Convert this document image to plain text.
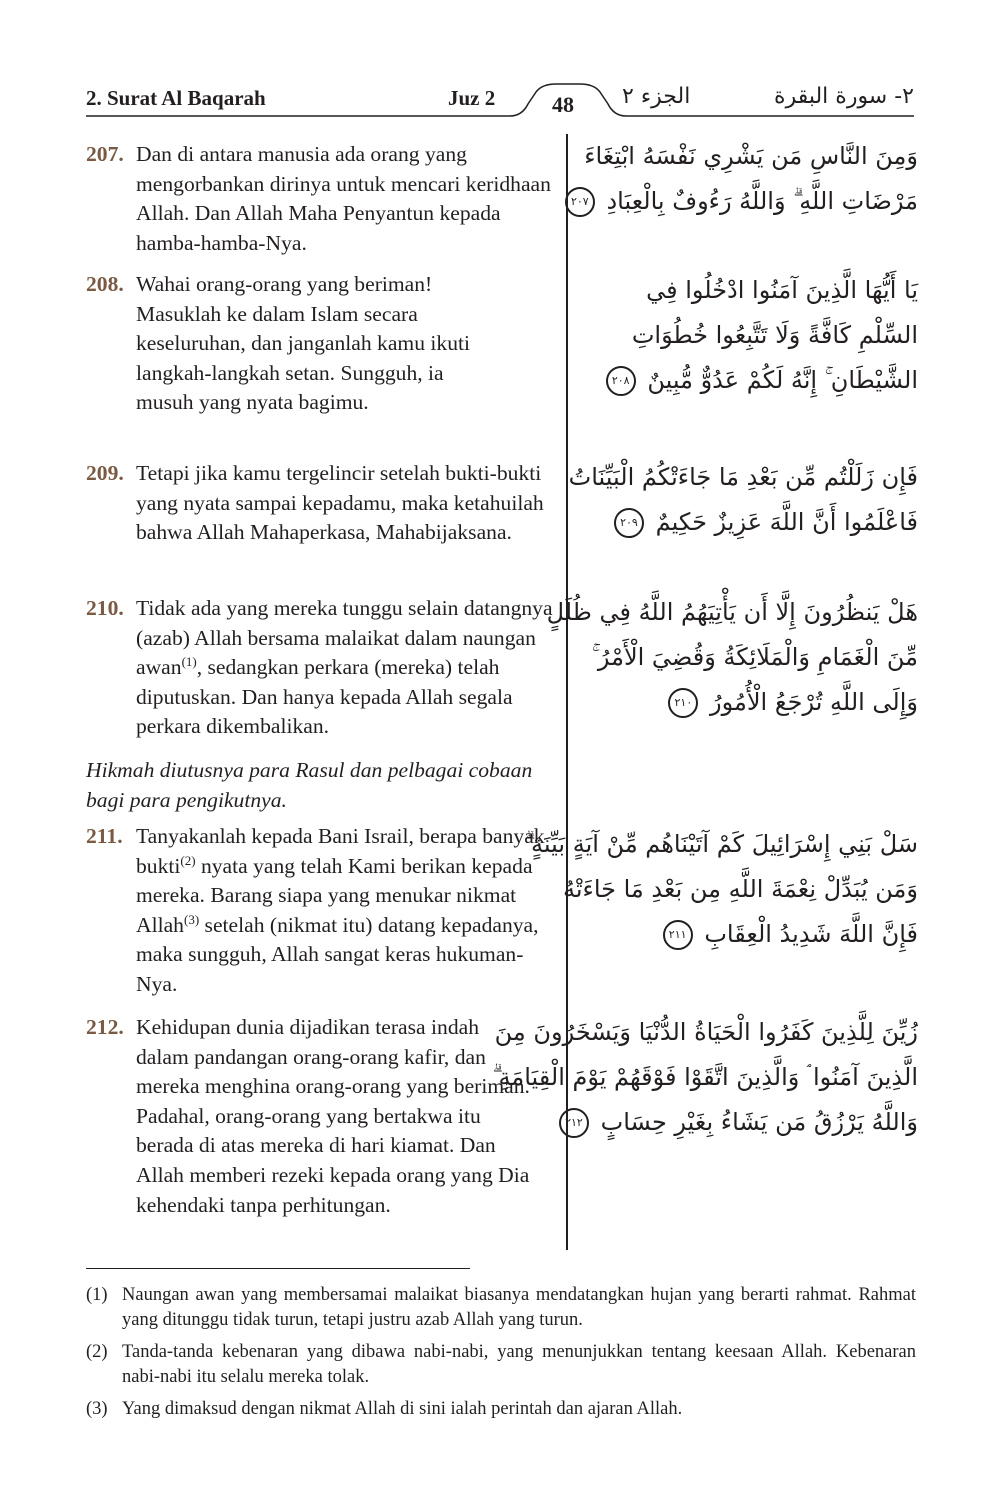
2. Surat Al Baqarah	Juz 2	48	الجزء ٢	٢- سورة البقرة
207. Dan di antara manusia ada orang yang mengorbankan dirinya untuk mencari keridhaan Allah. Dan Allah Maha Penyantun kepada hamba-hamba-Nya.
208. Wahai orang-orang yang beriman! Masuklah ke dalam Islam secara keseluruhan, dan janganlah kamu ikuti langkah-langkah setan. Sungguh, ia musuh yang nyata bagimu.
209. Tetapi jika kamu tergelincir setelah bukti-bukti yang nyata sampai kepadamu, maka ketahuilah bahwa Allah Mahaperkasa, Mahabijaksana.
210. Tidak ada yang mereka tunggu selain datangnya (azab) Allah bersama malaikat dalam naungan awan$^{(1)}$, sedangkan perkara (mereka) telah diputuskan. Dan hanya kepada Allah segala perkara dikembalikan.
Hikmah diutusnya para Rasul dan pelbagai cobaan bagi para pengikutnya.
211. Tanyakanlah kepada Bani Israil, berapa banyak bukti$^{(2)}$ nyata yang telah Kami berikan kepada mereka. Barang siapa yang menukar nikmat Allah$^{(3)}$ setelah (nikmat itu) datang kepadanya, maka sungguh, Allah sangat keras hukuman-Nya.
212. Kehidupan dunia dijadikan terasa indah dalam pandangan orang-orang kafir, dan mereka menghina orang-orang yang beriman. Padahal, orang-orang yang bertakwa itu berada di atas mereka di hari kiamat. Dan Allah memberi rezeki kepada orang yang Dia kehendaki tanpa perhitungan.
وَمِنَ النَّاسِ مَن يَشْرِي نَفْسَهُ ابْتِغَاءَ
مَرْضَاتِ اللَّهِ ۗ وَاللَّهُ رَءُوفٌ بِالْعِبَادِ ٢٠٧
يَا أَيُّهَا الَّذِينَ آمَنُوا ادْخُلُوا فِي
السِّلْمِ كَافَّةً وَلَا تَتَّبِعُوا خُطُوَاتِ
الشَّيْطَانِ ۚ إِنَّهُ لَكُمْ عَدُوٌّ مُّبِينٌ ٢٠٨
فَإِن زَلَلْتُم مِّن بَعْدِ مَا جَاءَتْكُمُ الْبَيِّنَاتُ
فَاعْلَمُوا أَنَّ اللَّهَ عَزِيزٌ حَكِيمٌ ٢٠٩
هَلْ يَنظُرُونَ إِلَّا أَن يَأْتِيَهُمُ اللَّهُ فِي ظُلَلٍ
مِّنَ الْغَمَامِ وَالْمَلَائِكَةُ وَقُضِيَ الْأَمْرُ ۚ
وَإِلَى اللَّهِ تُرْجَعُ الْأُمُورُ ٢١٠
سَلْ بَنِي إِسْرَائِيلَ كَمْ آتَيْنَاهُم مِّنْ آيَةٍ بَيِّنَةٍ ۗ
وَمَن يُبَدِّلْ نِعْمَةَ اللَّهِ مِن بَعْدِ مَا جَاءَتْهُ
فَإِنَّ اللَّهَ شَدِيدُ الْعِقَابِ ٢١١
زُيِّنَ لِلَّذِينَ كَفَرُوا الْحَيَاةُ الدُّنْيَا وَيَسْخَرُونَ مِنَ
الَّذِينَ آمَنُوا ۘ وَالَّذِينَ اتَّقَوْا فَوْقَهُمْ يَوْمَ الْقِيَامَةِ ۗ
وَاللَّهُ يَرْزُقُ مَن يَشَاءُ بِغَيْرِ حِسَابٍ ٢١٢
(1) Naungan awan yang membersamai malaikat biasanya mendatangkan hujan yang berarti rahmat. Rahmat yang ditunggu tidak turun, tetapi justru azab Allah yang turun.
(2) Tanda-tanda kebenaran yang dibawa nabi-nabi, yang menunjukkan tentang keesaan Allah. Kebenaran nabi-nabi itu selalu mereka tolak.
(3) Yang dimaksud dengan nikmat Allah di sini ialah perintah dan ajaran Allah.
